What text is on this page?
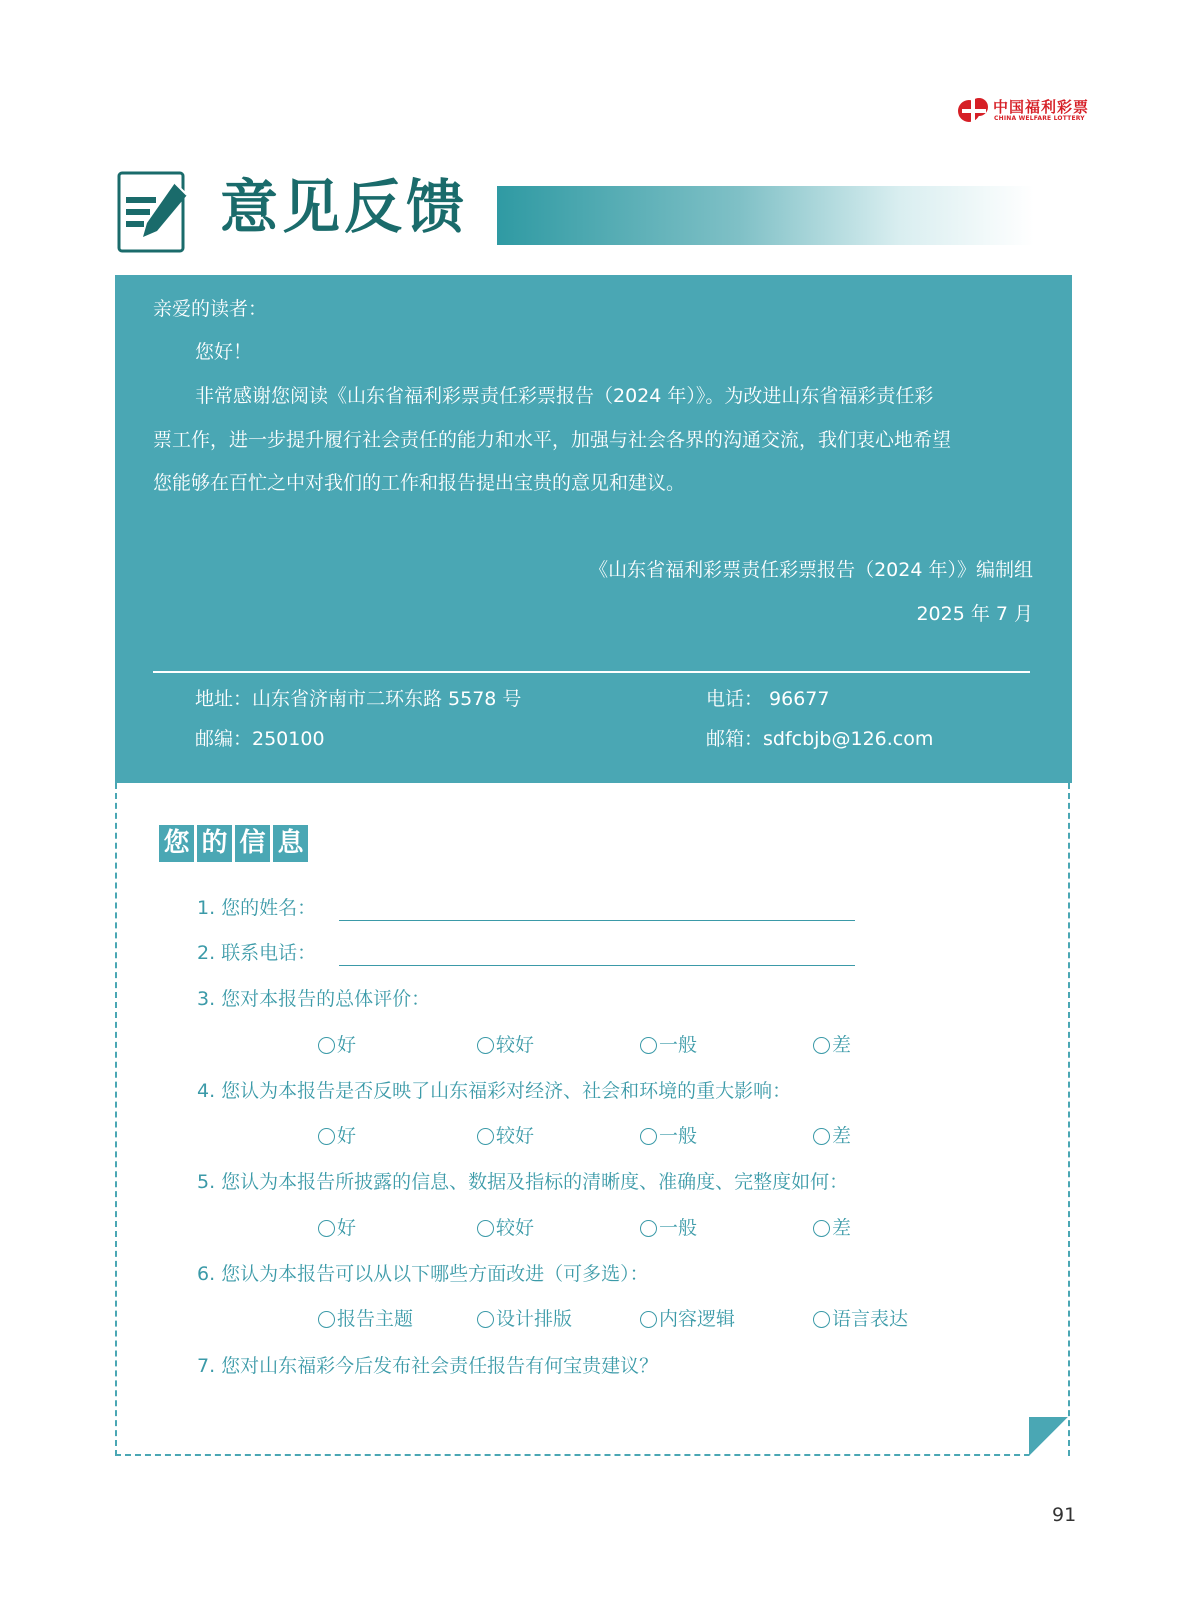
中国福利彩票
CHINA WELFARE LOTTERY
意见反馈
亲爱的读者：
您好！
非常感谢您阅读《山东省福利彩票责任彩票报告（2024 年）》。为改进山东省福彩责任彩
票工作，进一步提升履行社会责任的能力和水平，加强与社会各界的沟通交流，我们衷心地希望
您能够在百忙之中对我们的工作和报告提出宝贵的意见和建议。
《山东省福利彩票责任彩票报告（2024 年）》编制组
2025 年 7 月
地址：山东省济南市二环东路 5578 号	电话： 96677
邮编：250100	邮箱：sdfcbjb@126.com
您 的 信 息
1. 您的姓名：
2. 联系电话：
3. 您对本报告的总体评价：
好	较好	一般	差
4. 您认为本报告是否反映了山东福彩对经济、社会和环境的重大影响：
好	较好	一般	差
5. 您认为本报告所披露的信息、数据及指标的清晰度、准确度、完整度如何：
好	较好	一般	差
6. 您认为本报告可以从以下哪些方面改进（可多选）：
报告主题	设计排版	内容逻辑	语言表达
7. 您对山东福彩今后发布社会责任报告有何宝贵建议？
91
